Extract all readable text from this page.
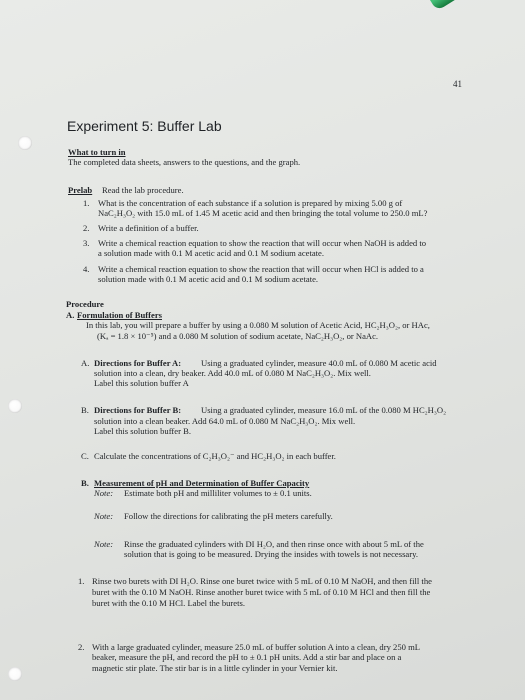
41
Experiment 5: Buffer Lab
What to turn in
The completed data sheets, answers to the questions, and the graph.
Prelab Read the lab procedure.
1. What is the concentration of each substance if a solution is prepared by mixing 5.00 g of
NaC₂H₃O₂ with 15.0 mL of 1.45 M acetic acid and then bringing the total volume to 250.0 mL?
2. Write a definition of a buffer.
3. Write a chemical reaction equation to show the reaction that will occur when NaOH is added to
a solution made with 0.1 M acetic acid and 0.1 M sodium acetate.
4. Write a chemical reaction equation to show the reaction that will occur when HCl is added to a
solution made with 0.1 M acetic acid and 0.1 M sodium acetate.
Procedure
A. Formulation of Buffers
In this lab, you will prepare a buffer by using a 0.080 M solution of Acetic Acid, HC₂H₃O₂, or HAc,
(Kₐ = 1.8 × 10⁻⁵) and a 0.080 M solution of sodium acetate, NaC₂H₃O₂, or NaAc.
A. Directions for Buffer A: Using a graduated cylinder, measure 40.0 mL of 0.080 M acetic acid
solution into a clean, dry beaker. Add 40.0 mL of 0.080 M NaC₂H₃O₂. Mix well.
Label this solution buffer A
B. Directions for Buffer B: Using a graduated cylinder, measure 16.0 mL of the 0.080 M HC₂H₃O₂
solution into a clean beaker. Add 64.0 mL of 0.080 M NaC₂H₃O₂. Mix well.
Label this solution buffer B.
C. Calculate the concentrations of C₂H₃O₂⁻ and HC₂H₃O₂ in each buffer.
B. Measurement of pH and Determination of Buffer Capacity
Note: Estimate both pH and milliliter volumes to ± 0.1 units.
Note: Follow the directions for calibrating the pH meters carefully.
Note: Rinse the graduated cylinders with DI H₂O, and then rinse once with about 5 mL of the
solution that is going to be measured. Drying the insides with towels is not necessary.
1. Rinse two burets with DI H₂O. Rinse one buret twice with 5 mL of 0.10 M NaOH, and then fill the
buret with the 0.10 M NaOH. Rinse another buret twice with 5 mL of 0.10 M HCl and then fill the
buret with the 0.10 M HCl. Label the burets.
2. With a large graduated cylinder, measure 25.0 mL of buffer solution A into a clean, dry 250 mL
beaker, measure the pH, and record the pH to ± 0.1 pH units. Add a stir bar and place on a
magnetic stir plate. The stir bar is in a little cylinder in your Vernier kit.
